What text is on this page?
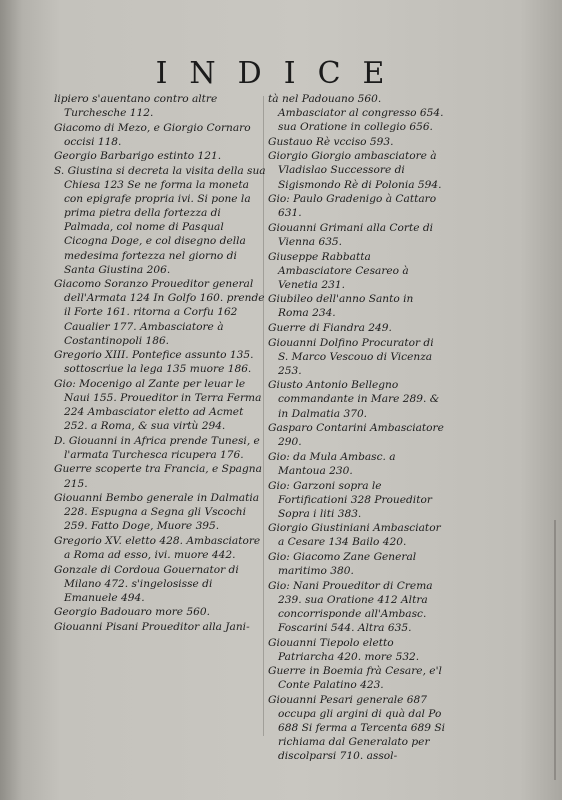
INDICE
lipiero s'auentano contro altre Turchesche 112.
Giacomo di Mezo, e Giorgio Cornaro occisi 118.
Georgio Barbarigo estinto 121.
S. Giustina si decreta la visita della sua Chiesa 123 Se ne forma la moneta con epigrafe propria ivi. Si pone la prima pietra della fortezza di Palmada, col nome di Pasqual Cicogna Doge, e col disegno della medesima fortezza nel giorno di Santa Giustina 206.
Giacomo Soranzo Proueditor general dell'Armata 124 In Golfo 160. prende il Forte 161. ritorna a Corfu 162 Caualier 177. Ambasciatore à Costantinopoli 186.
Gregorio XIII. Pontefice assunto 135. sottoscriue la lega 135 muore 186.
Gio: Mocenigo al Zante per leuar le Naui 155. Proueditor in Terra Ferma 224 Ambasciator eletto ad Acmet 252. a Roma, & sua virtù 294.
D. Giouanni in Africa prende Tunesi, e l'armata Turchesca ricupera 176.
Guerre scoperte tra Francia, e Spagna 215.
Giouanni Bembo generale in Dalmatia 228. Espugna a Segna gli Vscochi 259. Fatto Doge, Muore 395.
Gregorio XV. eletto 428. Ambasciatore a Roma ad esso, ivi. muore 442.
Gonzale di Cordoua Gouernator di Milano 472. s'ingelosisse di Emanuele 494.
Georgio Badouaro more 560.
Giouanni Pisani Proueditor alla Jani-
tà nel Padouano 560. Ambasciator al congresso 654. sua Oratione in collegio 656.
Gustauo Rè vcciso 593.
Giorgio Giorgio ambasciatore à Vladislao Successore di Sigismondo Rè di Polonia 594.
Gio: Paulo Gradenigo à Cattaro 631.
Giouanni Grimani alla Corte di Vienna 635.
Giuseppe Rabbatta Ambasciatore Cesareo à Venetia 231.
Giubileo dell'anno Santo in Roma 234.
Guerre di Fiandra 249.
Giouanni Dolfino Procurator di S. Marco Vescouo di Vicenza 253.
Giusto Antonio Bellegno commandante in Mare 289. & in Dalmatia 370.
Gasparo Contarini Ambasciatore 290.
Gio: da Mula Ambasc. a Mantoua 230.
Gio: Garzoni sopra le Fortificationi 328 Proueditor Sopra i liti 383.
Giorgio Giustiniani Ambasciator a Cesare 134 Bailo 420.
Gio: Giacomo Zane General maritimo 380.
Gio: Nani Proueditor di Crema 239. sua Oratione 412 Altra concorrisponde all'Ambasc. Foscarini 544. Altra 635.
Giouanni Tiepolo eletto Patriarcha 420. more 532.
Guerre in Boemia frà Cesare, e'l Conte Palatino 423.
Giouanni Pesari generale 687 occupa gli argini di quà dal Po 688 Si ferma a Tercenta 689 Si richiama dal Generalato per discolparsi 710. assol-
